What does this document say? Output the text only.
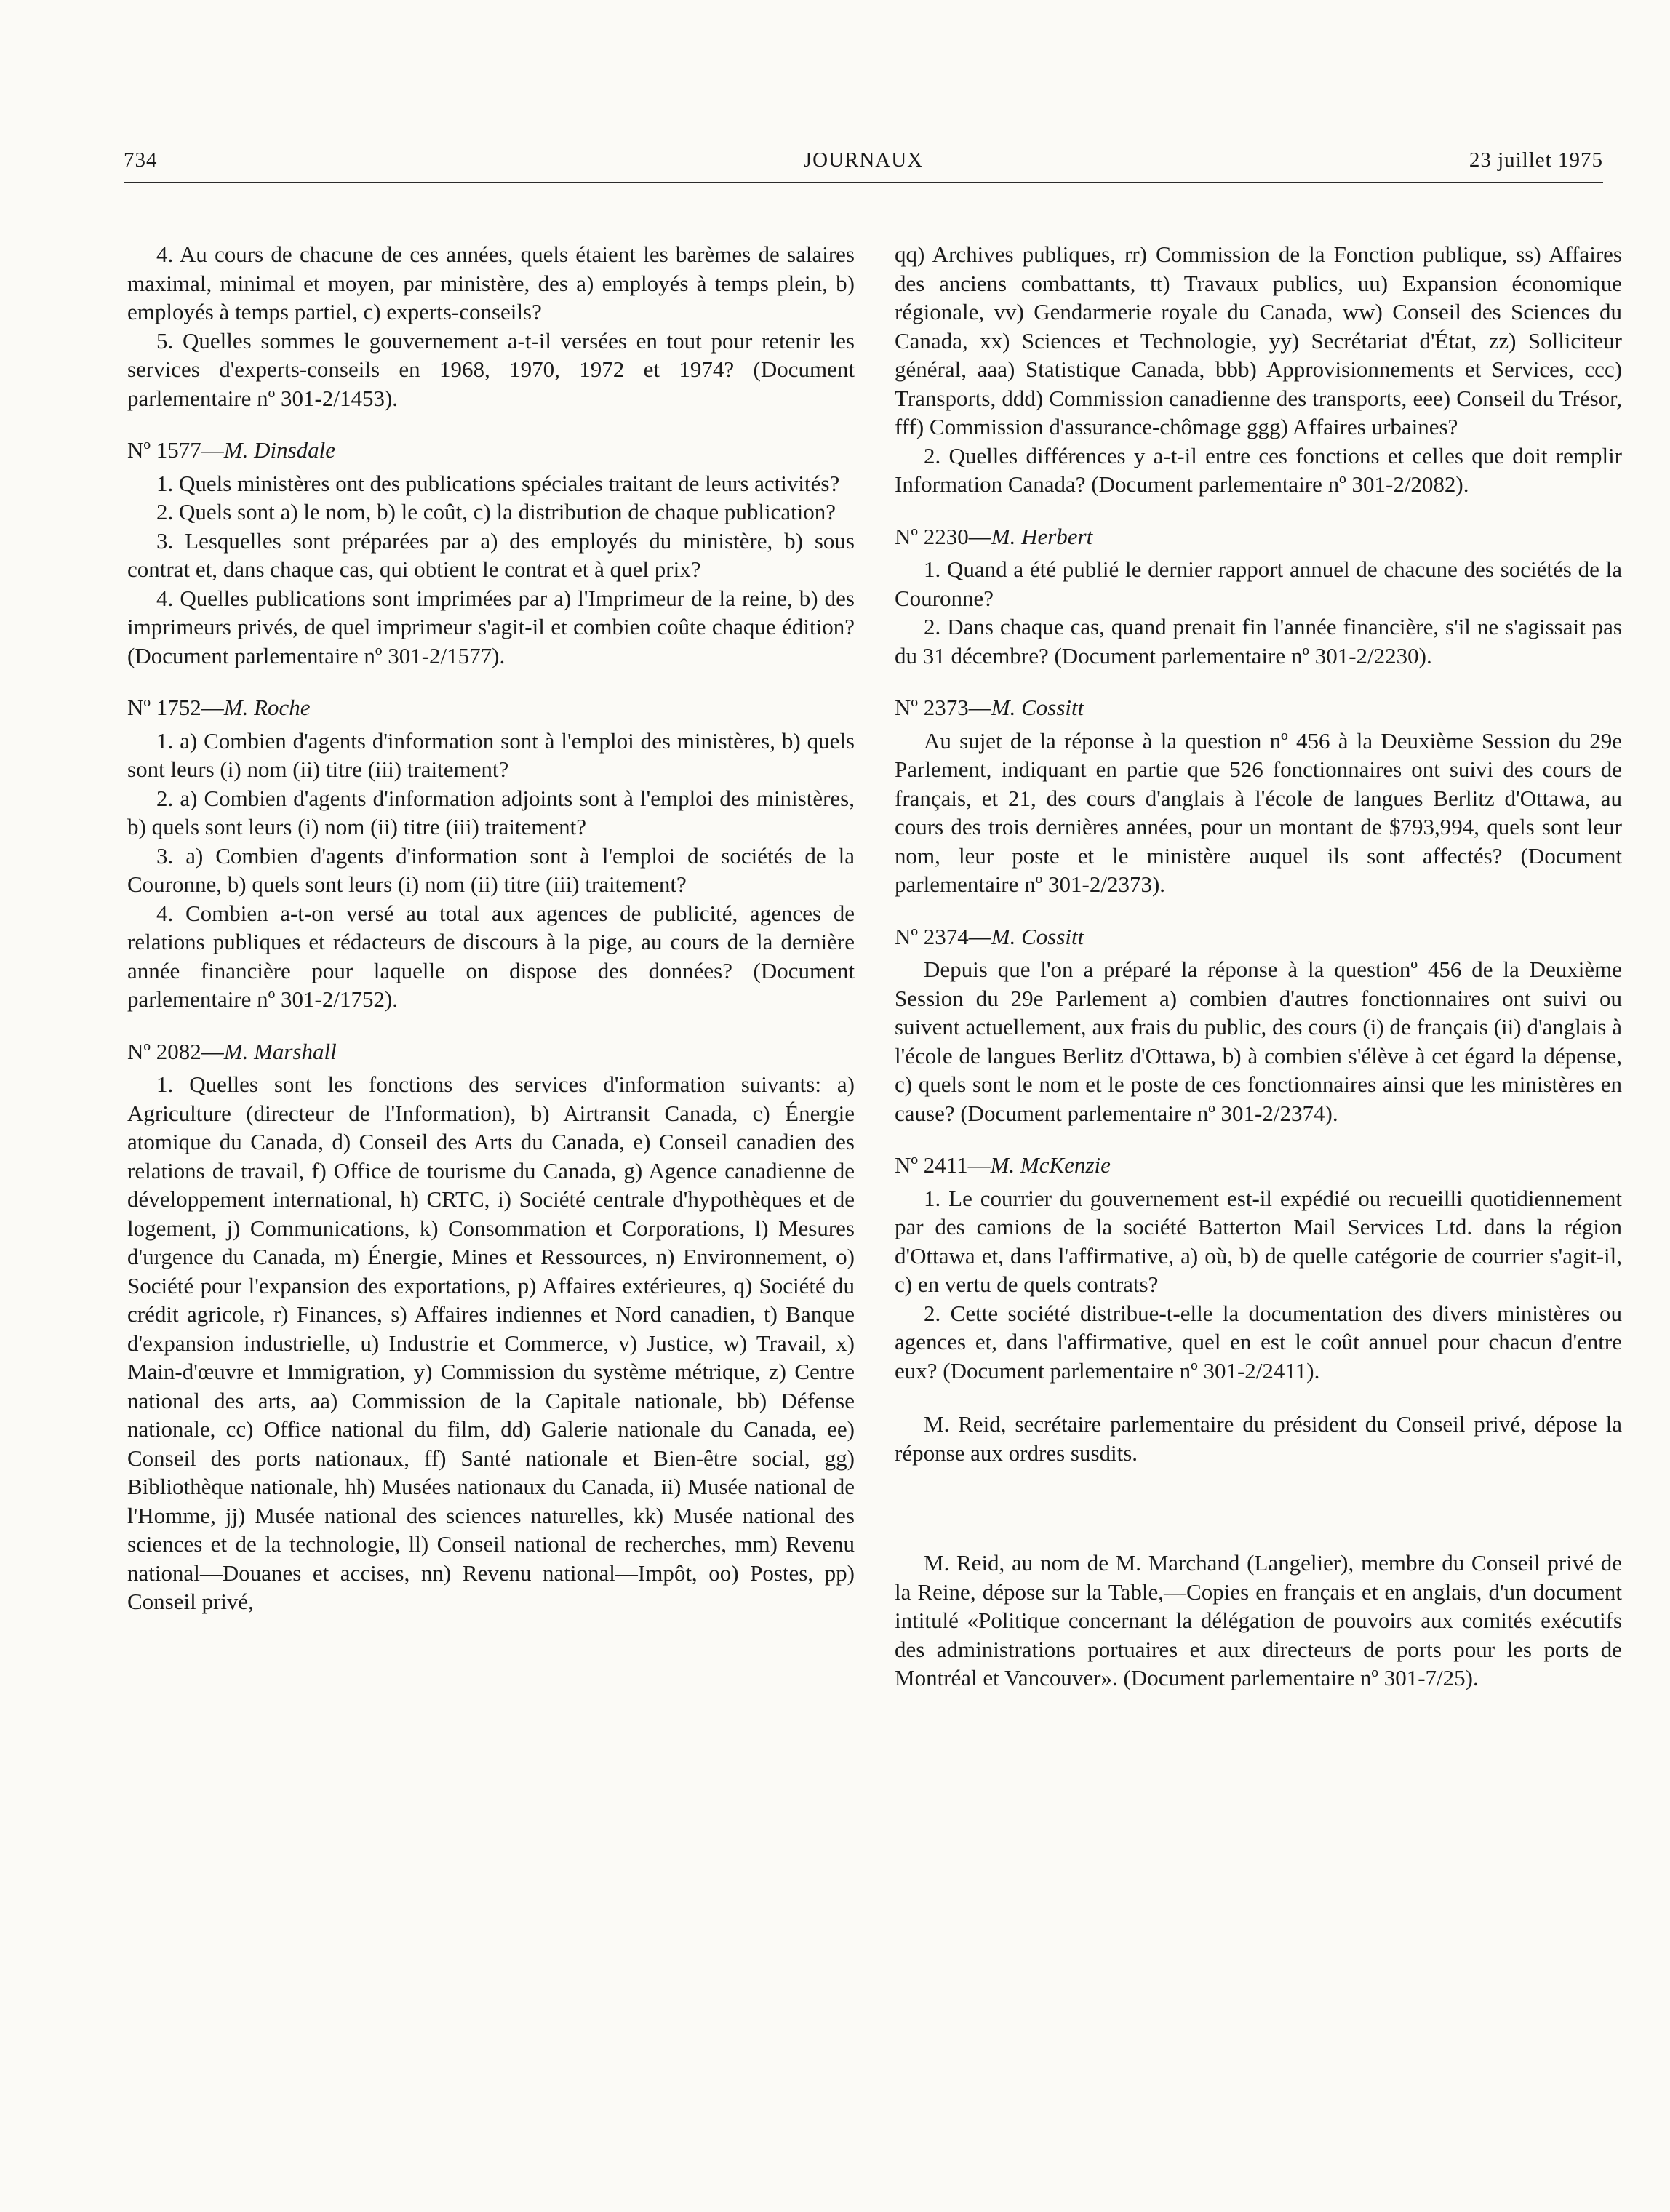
734	JOURNAUX	23 juillet 1975

4. Au cours de chacune de ces années, quels étaient les barèmes de salaires maximal, minimal et moyen, par ministère, des a) employés à temps plein, b) employés à temps partiel, c) experts-conseils?

5. Quelles sommes le gouvernement a-t-il versées en tout pour retenir les services d'experts-conseils en 1968, 1970, 1972 et 1974? (Document parlementaire nº 301-2/1453).

Nº 1577—M. Dinsdale

1. Quels ministères ont des publications spéciales traitant de leurs activités?

2. Quels sont a) le nom, b) le coût, c) la distribution de chaque publication?

3. Lesquelles sont préparées par a) des employés du ministère, b) sous contrat et, dans chaque cas, qui obtient le contrat et à quel prix?

4. Quelles publications sont imprimées par a) l'Imprimeur de la reine, b) des imprimeurs privés, de quel imprimeur s'agit-il et combien coûte chaque édition? (Document parlementaire nº 301-2/1577).

Nº 1752—M. Roche

1. a) Combien d'agents d'information sont à l'emploi des ministères, b) quels sont leurs (i) nom (ii) titre (iii) traitement?

2. a) Combien d'agents d'information adjoints sont à l'emploi des ministères, b) quels sont leurs (i) nom (ii) titre (iii) traitement?

3. a) Combien d'agents d'information sont à l'emploi de sociétés de la Couronne, b) quels sont leurs (i) nom (ii) titre (iii) traitement?

4. Combien a-t-on versé au total aux agences de publicité, agences de relations publiques et rédacteurs de discours à la pige, au cours de la dernière année financière pour laquelle on dispose des données? (Document parlementaire nº 301-2/1752).

Nº 2082—M. Marshall

1. Quelles sont les fonctions des services d'information suivants: a) Agriculture (directeur de l'Information), b) Airtransit Canada, c) Énergie atomique du Canada, d) Conseil des Arts du Canada, e) Conseil canadien des relations de travail, f) Office de tourisme du Canada, g) Agence canadienne de développement international, h) CRTC, i) Société centrale d'hypothèques et de logement, j) Communications, k) Consommation et Corporations, l) Mesures d'urgence du Canada, m) Énergie, Mines et Ressources, n) Environnement, o) Société pour l'expansion des exportations, p) Affaires extérieures, q) Société du crédit agricole, r) Finances, s) Affaires indiennes et Nord canadien, t) Banque d'expansion industrielle, u) Industrie et Commerce, v) Justice, w) Travail, x) Main-d'œuvre et Immigration, y) Commission du système métrique, z) Centre national des arts, aa) Commission de la Capitale nationale, bb) Défense nationale, cc) Office national du film, dd) Galerie nationale du Canada, ee) Conseil des ports nationaux, ff) Santé nationale et Bien-être social, gg) Bibliothèque nationale, hh) Musées nationaux du Canada, ii) Musée national de l'Homme, jj) Musée national des sciences naturelles, kk) Musée national des sciences et de la technologie, ll) Conseil national de recherches, mm) Revenu national—Douanes et accises, nn) Revenu national—Impôt, oo) Postes, pp) Conseil privé,

qq) Archives publiques, rr) Commission de la Fonction publique, ss) Affaires des anciens combattants, tt) Travaux publics, uu) Expansion économique régionale, vv) Gendarmerie royale du Canada, ww) Conseil des Sciences du Canada, xx) Sciences et Technologie, yy) Secrétariat d'État, zz) Solliciteur général, aaa) Statistique Canada, bbb) Approvisionnements et Services, ccc) Transports, ddd) Commission canadienne des transports, eee) Conseil du Trésor, fff) Commission d'assurance-chômage ggg) Affaires urbaines?

2. Quelles différences y a-t-il entre ces fonctions et celles que doit remplir Information Canada? (Document parlementaire nº 301-2/2082).

Nº 2230—M. Herbert

1. Quand a été publié le dernier rapport annuel de chacune des sociétés de la Couronne?

2. Dans chaque cas, quand prenait fin l'année financière, s'il ne s'agissait pas du 31 décembre? (Document parlementaire nº 301-2/2230).

Nº 2373—M. Cossitt

Au sujet de la réponse à la question nº 456 à la Deuxième Session du 29e Parlement, indiquant en partie que 526 fonctionnaires ont suivi des cours de français, et 21, des cours d'anglais à l'école de langues Berlitz d'Ottawa, au cours des trois dernières années, pour un montant de $793,994, quels sont leur nom, leur poste et le ministère auquel ils sont affectés? (Document parlementaire nº 301-2/2373).

Nº 2374—M. Cossitt

Depuis que l'on a préparé la réponse à la questionº 456 de la Deuxième Session du 29e Parlement a) combien d'autres fonctionnaires ont suivi ou suivent actuellement, aux frais du public, des cours (i) de français (ii) d'anglais à l'école de langues Berlitz d'Ottawa, b) à combien s'élève à cet égard la dépense, c) quels sont le nom et le poste de ces fonctionnaires ainsi que les ministères en cause? (Document parlementaire nº 301-2/2374).

Nº 2411—M. McKenzie

1. Le courrier du gouvernement est-il expédié ou recueilli quotidiennement par des camions de la société Batterton Mail Services Ltd. dans la région d'Ottawa et, dans l'affirmative, a) où, b) de quelle catégorie de courrier s'agit-il, c) en vertu de quels contrats?

2. Cette société distribue-t-elle la documentation des divers ministères ou agences et, dans l'affirmative, quel en est le coût annuel pour chacun d'entre eux? (Document parlementaire nº 301-2/2411).

M. Reid, secrétaire parlementaire du président du Conseil privé, dépose la réponse aux ordres susdits.

M. Reid, au nom de M. Marchand (Langelier), membre du Conseil privé de la Reine, dépose sur la Table,—Copies en français et en anglais, d'un document intitulé «Politique concernant la délégation de pouvoirs aux comités exécutifs des administrations portuaires et aux directeurs de ports pour les ports de Montréal et Vancouver». (Document parlementaire nº 301-7/25).
